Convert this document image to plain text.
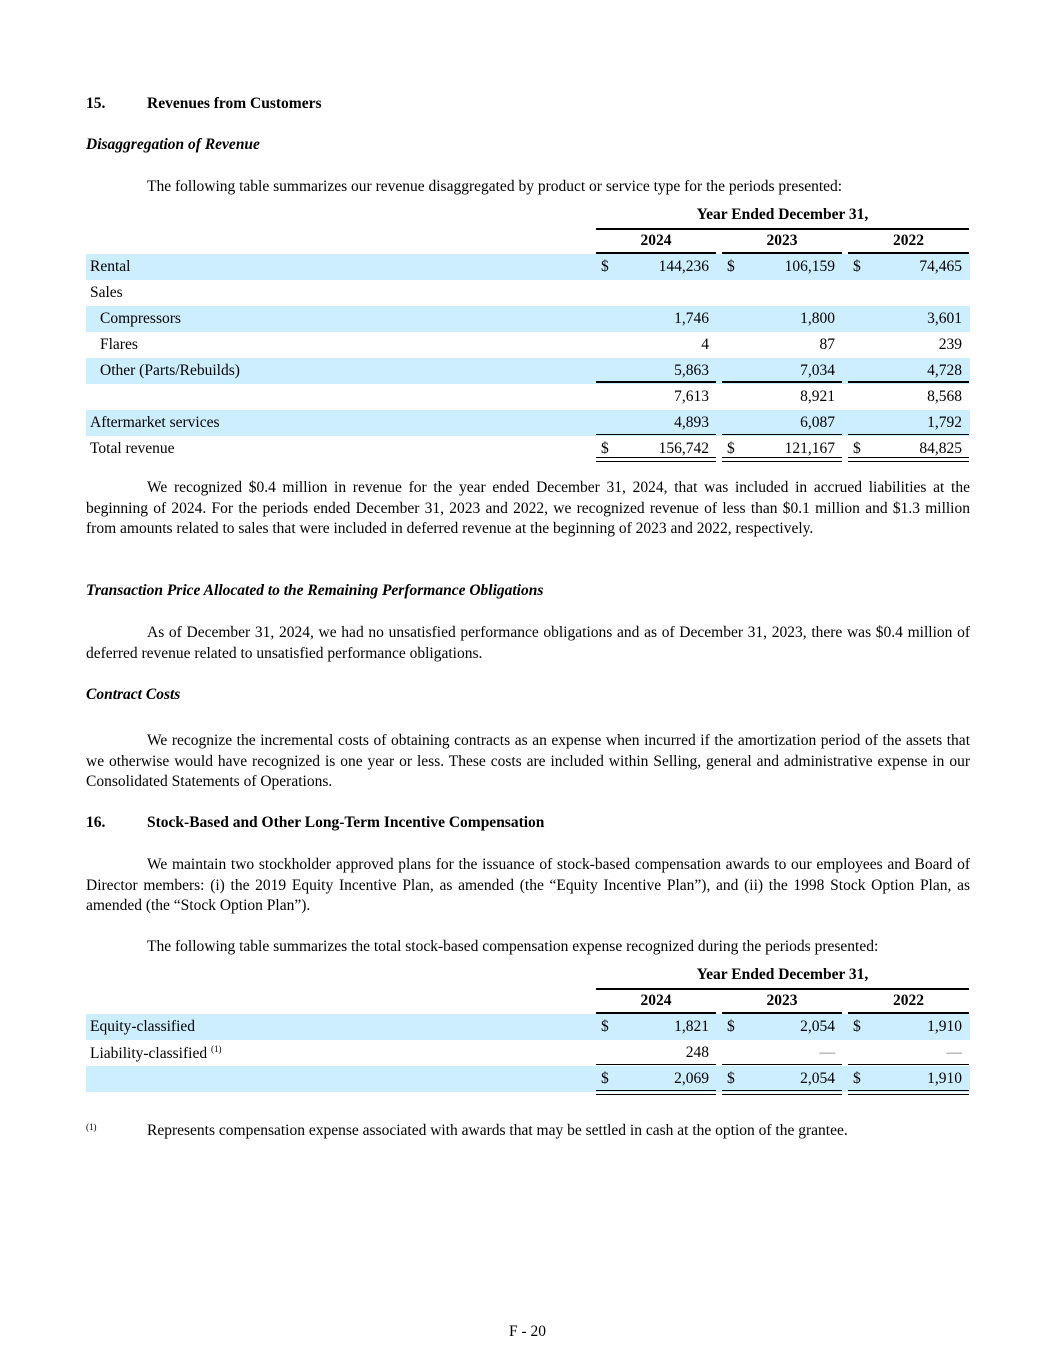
15.	Revenues from Customers
Disaggregation of Revenue
The following table summarizes our revenue disaggregated by product or service type for the periods presented:
Year Ended December 31,
2024	2023	2022
Rental	$	144,236 $	106,159 $	74,465
Sales
Compressors	1,746	1,800	3,601
Flares	4	87	239
Other (Parts/Rebuilds)	5,863	7,034	4,728
7,613	8,921	8,568
Aftermarket services	4,893	6,087	1,792
Total revenue	$	156,742 $	121,167 $	84,825

We recognized $0.4 million in revenue for the year ended December 31, 2024, that was included in accrued liabilities at the beginning of 2024. For the periods ended December 31, 2023 and 2022, we recognized revenue of less than $0.1 million and $1.3 million from amounts related to sales that were included in deferred revenue at the beginning of 2023 and 2022, respectively.

Transaction Price Allocated to the Remaining Performance Obligations

As of December 31, 2024, we had no unsatisfied performance obligations and as of December 31, 2023, there was $0.4 million of deferred revenue related to unsatisfied performance obligations.

Contract Costs

We recognize the incremental costs of obtaining contracts as an expense when incurred if the amortization period of the assets that we otherwise would have recognized is one year or less. These costs are included within Selling, general and administrative expense in our Consolidated Statements of Operations.

16.	Stock-Based and Other Long-Term Incentive Compensation

We maintain two stockholder approved plans for the issuance of stock-based compensation awards to our employees and Board of Director members: (i) the 2019 Equity Incentive Plan, as amended (the “Equity Incentive Plan”), and (ii) the 1998 Stock Option Plan, as amended (the “Stock Option Plan”).

The following table summarizes the total stock-based compensation expense recognized during the periods presented:
Year Ended December 31,
2024	2023	2022
Equity-classified	$	1,821 $	2,054 $	1,910
Liability-classified $^{(1)}$	248	—	—
$	2,069 $	2,054 $	1,910
(1)	Represents compensation expense associated with awards that may be settled in cash at the option of the grantee.
F - 20
